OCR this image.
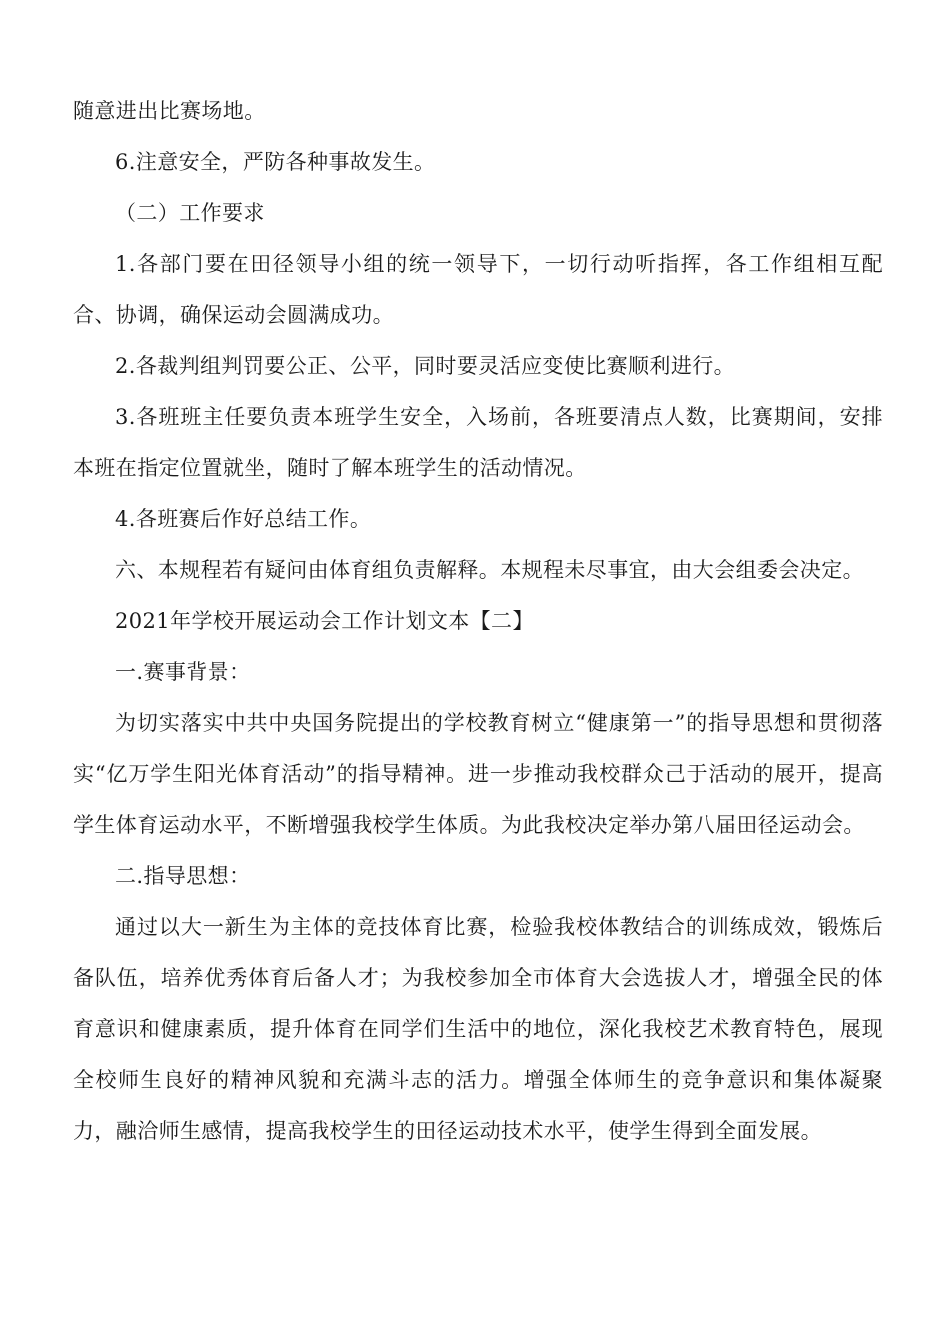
随意进出比赛场地。

6.注意安全，严防各种事故发生。

（二）工作要求

1.各部门要在田径领导小组的统一领导下，一切行动听指挥，各工作组相互配合、协调，确保运动会圆满成功。

2.各裁判组判罚要公正、公平，同时要灵活应变使比赛顺利进行。

3.各班班主任要负责本班学生安全，入场前，各班要清点人数，比赛期间，安排本班在指定位置就坐，随时了解本班学生的活动情况。

4.各班赛后作好总结工作。

六、本规程若有疑问由体育组负责解释。本规程未尽事宜，由大会组委会决定。

2021年学校开展运动会工作计划文本【二】

一.赛事背景：

为切实落实中共中央国务院提出的学校教育树立“健康第一”的指导思想和贯彻落实“亿万学生阳光体育活动”的指导精神。进一步推动我校群众己于活动的展开，提高学生体育运动水平，不断增强我校学生体质。为此我校决定举办第八届田径运动会。

二.指导思想：

通过以大一新生为主体的竞技体育比赛，检验我校体教结合的训练成效，锻炼后备队伍，培养优秀体育后备人才；为我校参加全市体育大会选拔人才，增强全民的体育意识和健康素质，提升体育在同学们生活中的地位，深化我校艺术教育特色，展现全校师生良好的精神风貌和充满斗志的活力。增强全体师生的竞争意识和集体凝聚力，融洽师生感情，提高我校学生的田径运动技术水平，使学生得到全面发展。
